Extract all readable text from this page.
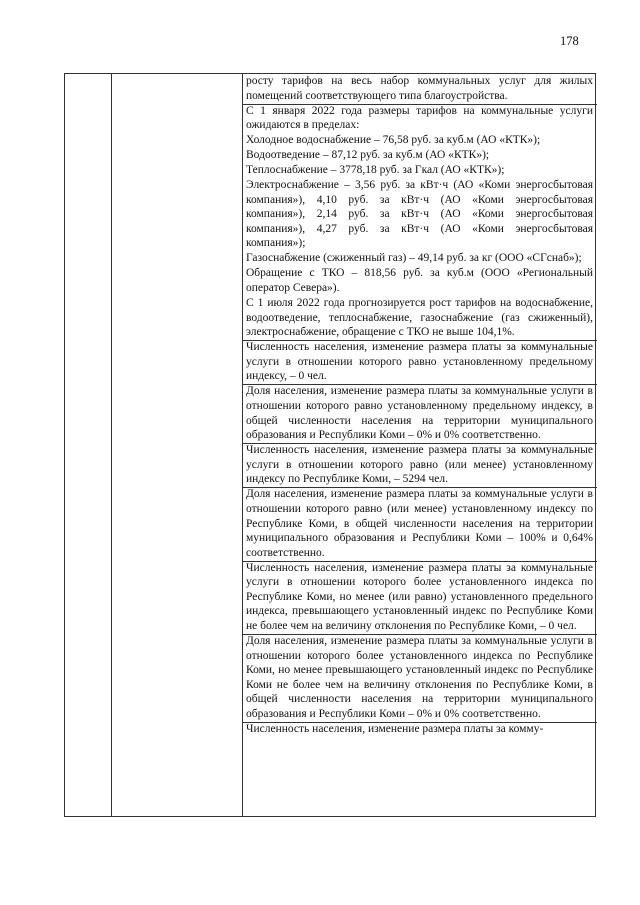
178

росту тарифов на весь набор коммунальных услуг для жилых помещений соответствующего типа благоустройства.

С 1 января 2022 года размеры тарифов на коммунальные услуги ожидаются в пределах:

Холодное водоснабжение – 76,58 руб. за куб.м (АО «КТК»);

Водоотведение – 87,12 руб. за куб.м (АО «КТК»);

Теплоснабжение – 3778,18 руб. за Гкал (АО «КТК»);

Электроснабжение – 3,56 руб. за кВт·ч (АО «Коми энергосбытовая компания»), 4,10 руб. за кВт·ч (АО «Коми энергосбытовая компания»), 2,14 руб. за кВт·ч (АО «Коми энергосбытовая компания»), 4,27 руб. за кВт·ч (АО «Коми энергосбытовая компания»);

Газоснабжение (сжиженный газ) – 49,14 руб. за кг (ООО «СГснаб»);

Обращение с ТКО – 818,56 руб. за куб.м (ООО «Региональный оператор Севера»).

С 1 июля 2022 года прогнозируется рост тарифов на водоснабжение, водоотведение, теплоснабжение, газоснабжение (газ сжиженный), электроснабжение, обращение с ТКО не выше 104,1%.

Численность населения, изменение размера платы за коммунальные услуги в отношении которого равно установленному предельному индексу, – 0 чел.

Доля населения, изменение размера платы за коммунальные услуги в отношении которого равно установленному предельному индексу, в общей численности населения на территории муниципального образования и Республики Коми – 0% и 0% соответственно.

Численность населения, изменение размера платы за коммунальные услуги в отношении которого равно (или менее) установленному индексу по Республике Коми, – 5294 чел.

Доля населения, изменение размера платы за коммунальные услуги в отношении которого равно (или менее) установленному индексу по Республике Коми, в общей численности населения на территории муниципального образования и Республики Коми – 100% и 0,64% соответственно.

Численность населения, изменение размера платы за коммунальные услуги в отношении которого более установленного индекса по Республике Коми, но менее (или равно) установленного предельного индекса, превышающего установленный индекс по Республике Коми не более чем на величину отклонения по Республике Коми, – 0 чел.

Доля населения, изменение размера платы за коммунальные услуги в отношении которого более установленного индекса по Республике Коми, но менее превышающего установленный индекс по Республике Коми не более чем на величину отклонения по Республике Коми, в общей численности населения на территории муниципального образования и Республики Коми – 0% и 0% соответственно.

Численность населения, изменение размера платы за комму-
